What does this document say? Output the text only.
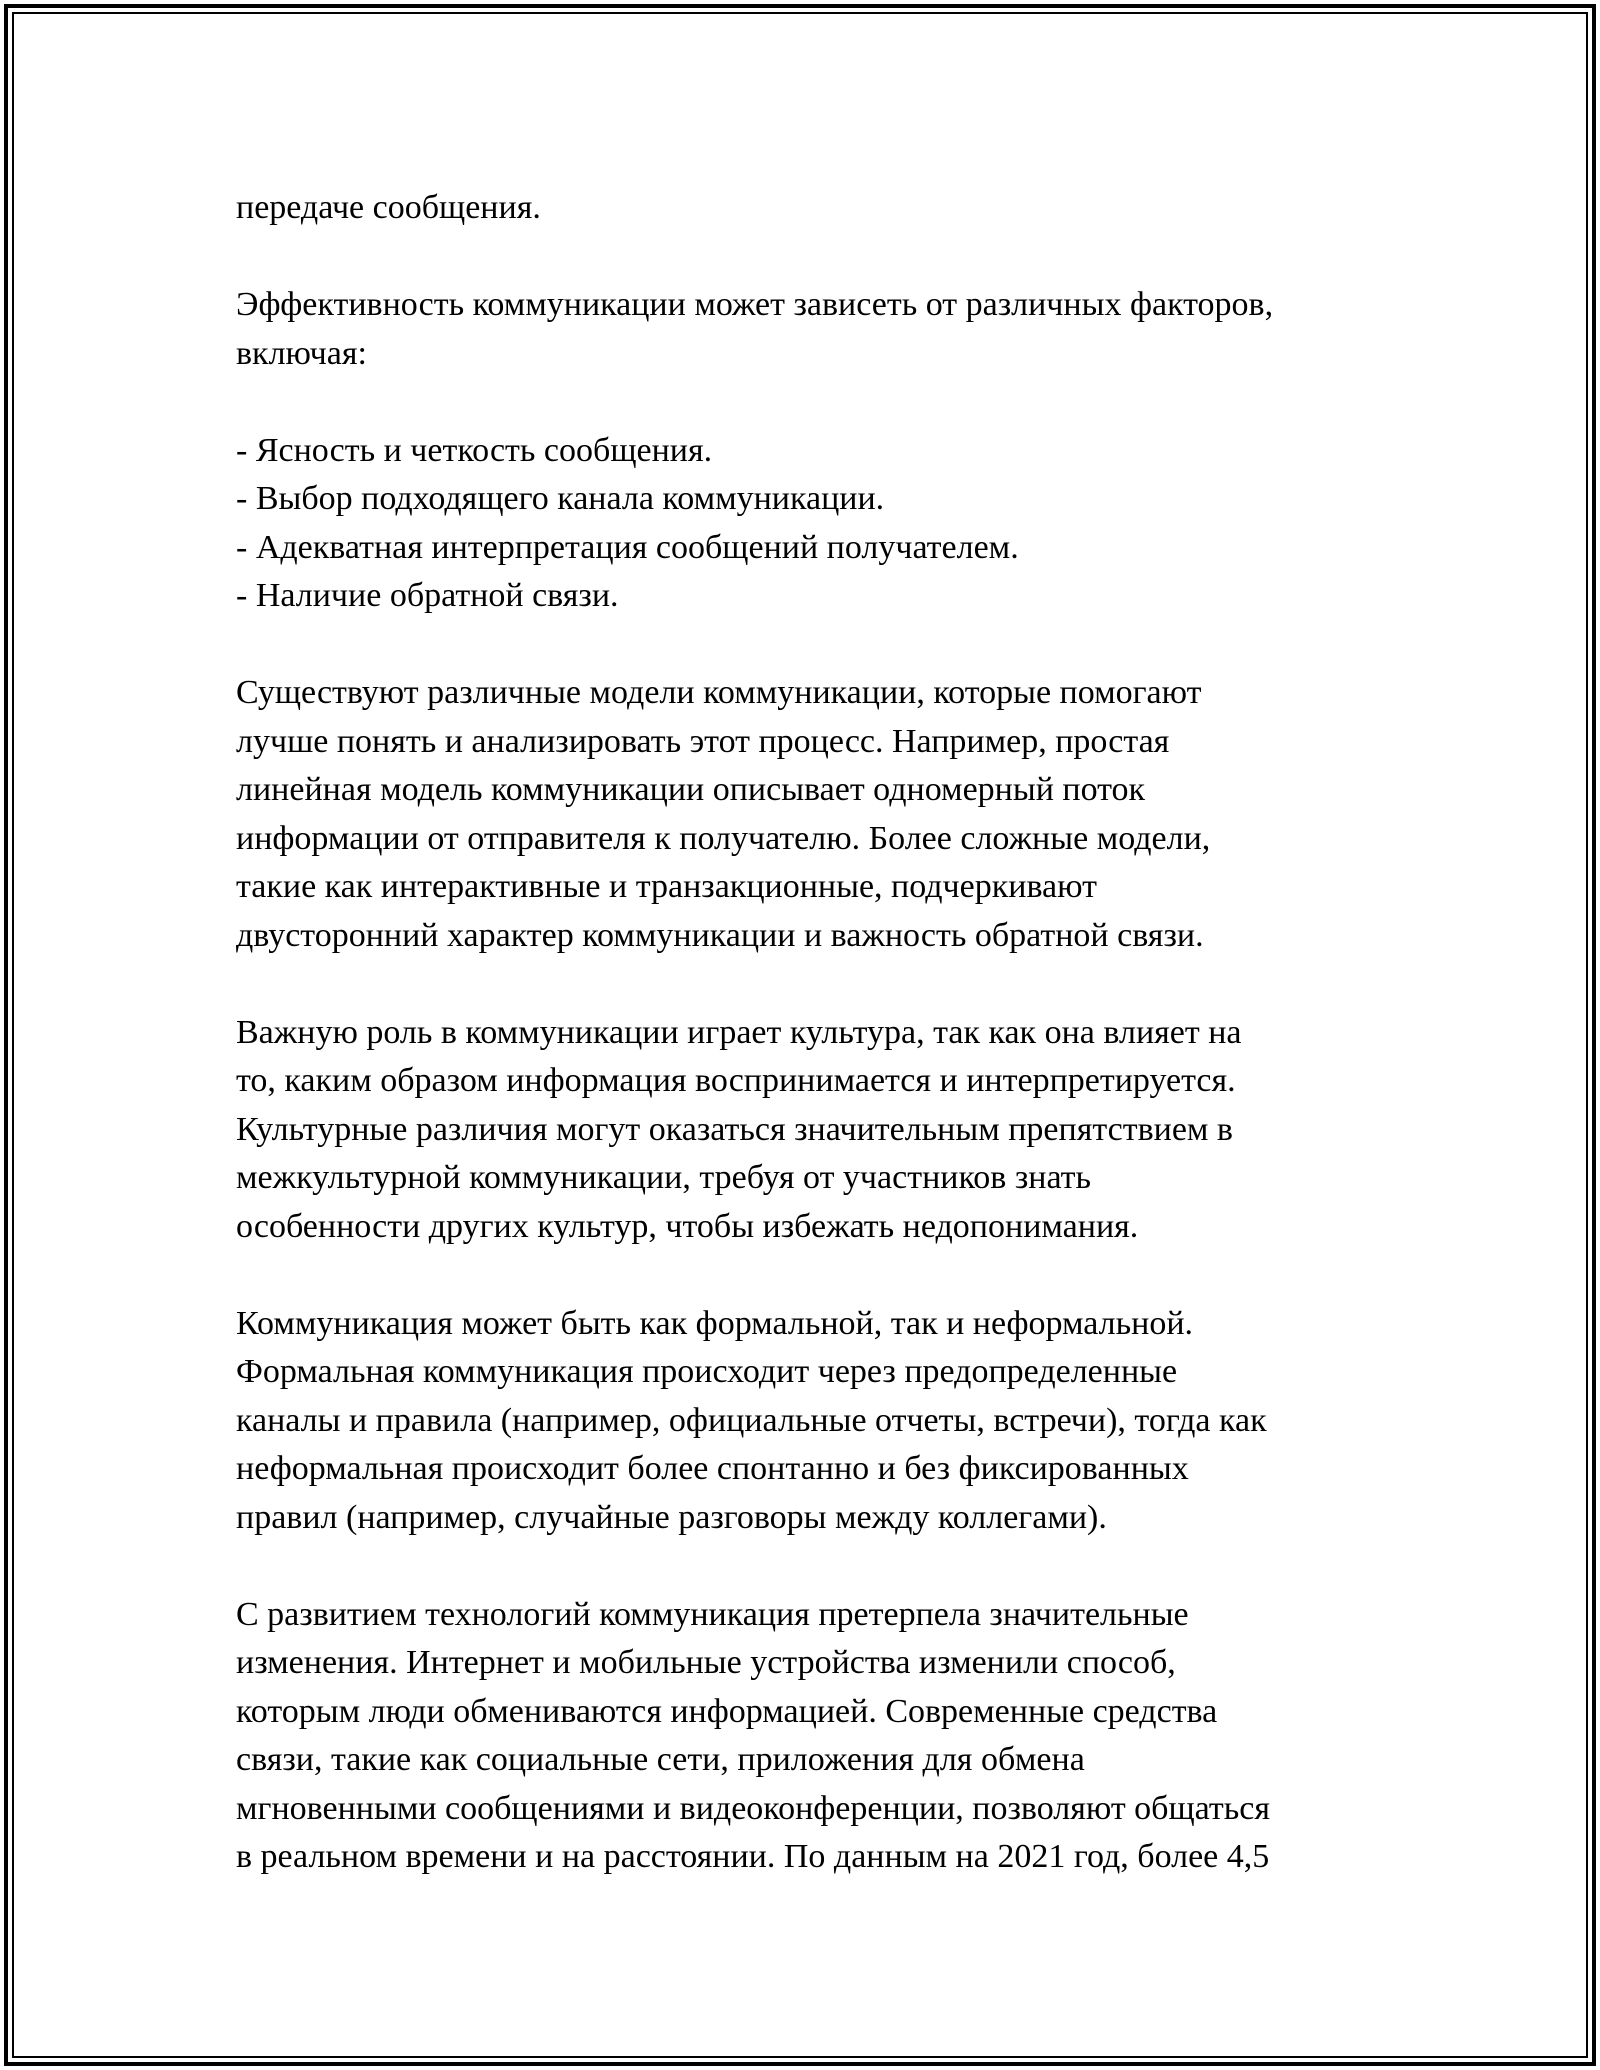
передаче сообщения.
Эффективность коммуникации может зависеть от различных факторов,
включая:
- Ясность и четкость сообщения.
- Выбор подходящего канала коммуникации.
- Адекватная интерпретация сообщений получателем.
- Наличие обратной связи.
Существуют различные модели коммуникации, которые помогают
лучше понять и анализировать этот процесс. Например, простая
линейная модель коммуникации описывает одномерный поток
информации от отправителя к получателю. Более сложные модели,
такие как интерактивные и транзакционные, подчеркивают
двусторонний характер коммуникации и важность обратной связи.
Важную роль в коммуникации играет культура, так как она влияет на
то, каким образом информация воспринимается и интерпретируется.
Культурные различия могут оказаться значительным препятствием в
межкультурной коммуникации, требуя от участников знать
особенности других культур, чтобы избежать недопонимания.
Коммуникация может быть как формальной, так и неформальной.
Формальная коммуникация происходит через предопределенные
каналы и правила (например, официальные отчеты, встречи), тогда как
неформальная происходит более спонтанно и без фиксированных
правил (например, случайные разговоры между коллегами).
С развитием технологий коммуникация претерпела значительные
изменения. Интернет и мобильные устройства изменили способ,
которым люди обмениваются информацией. Современные средства
связи, такие как социальные сети, приложения для обмена
мгновенными сообщениями и видеоконференции, позволяют общаться
в реальном времени и на расстоянии. По данным на 2021 год, более 4,5
